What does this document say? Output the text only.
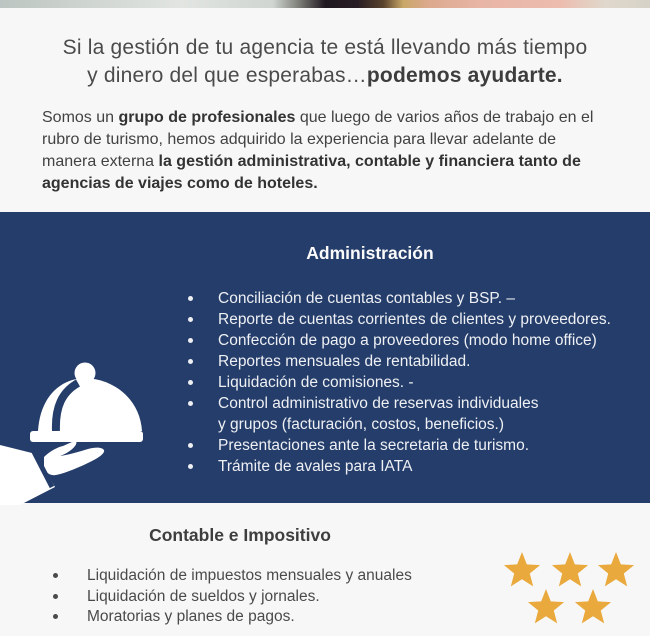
Si la gestión de tu agencia te está llevando más tiempo
y dinero del que esperabas…podemos ayudarte.

Somos un grupo de profesionales que luego de varios años de trabajo en el rubro de turismo, hemos adquirido la experiencia para llevar adelante de manera externa la gestión administrativa, contable y financiera tanto de agencias de viajes como de hoteles.

Administración
Conciliación de cuentas contables y BSP. –
Reporte de cuentas corrientes de clientes y proveedores.
Confección de pago a proveedores (modo home office)
Reportes mensuales de rentabilidad.
Liquidación de comisiones. -
Control administrativo de reservas individuales
y grupos (facturación, costos, beneficios.)
Presentaciones ante la secretaria de turismo.
Trámite de avales para IATA
Contable e Impositivo
Liquidación de impuestos mensuales y anuales
Liquidación de sueldos y jornales.
Moratorias y planes de pagos.
